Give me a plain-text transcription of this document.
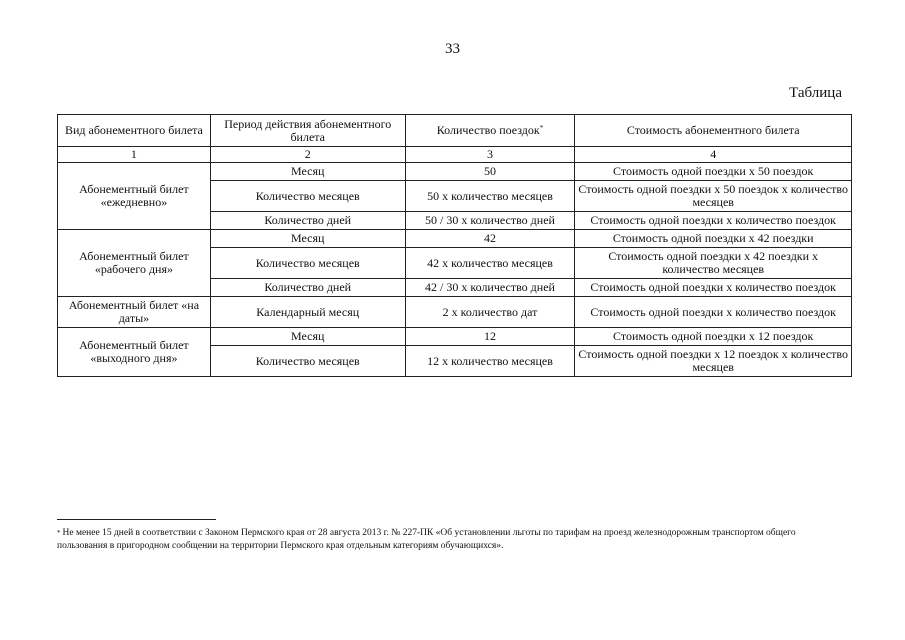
33
Таблица
Вид абонементного билета	Период действия абонементного билета	Количество поездок*	Стоимость абонементного билета
1	2	3	4
Абонементный билет «ежедневно»	Месяц	50	Стоимость одной поездки х 50 поездок
	Количество месяцев	50 х количество месяцев	Стоимость одной поездки х 50 поездок х количество месяцев
	Количество дней	50 / 30 х количество дней	Стоимость одной поездки х количество поездок
Абонементный билет «рабочего дня»	Месяц	42	Стоимость одной поездки х 42 поездки
	Количество месяцев	42 х количество месяцев	Стоимость одной поездки х 42 поездки х количество месяцев
	Количество дней	42 / 30 х количество дней	Стоимость одной поездки х количество поездок
Абонементный билет «на даты»	Календарный месяц	2 х количество дат	Стоимость одной поездки х количество поездок
Абонементный билет «выходного дня»	Месяц	12	Стоимость одной поездки х 12 поездок
	Количество месяцев	12 х количество месяцев	Стоимость одной поездки х 12 поездок х количество месяцев
* Не менее 15 дней в соответствии с Законом Пермского края от 28 августа 2013 г. № 227-ПК «Об установлении льготы по тарифам на проезд железнодорожным транспортом общего пользования в пригородном сообщении на территории Пермского края отдельным категориям обучающихся».
